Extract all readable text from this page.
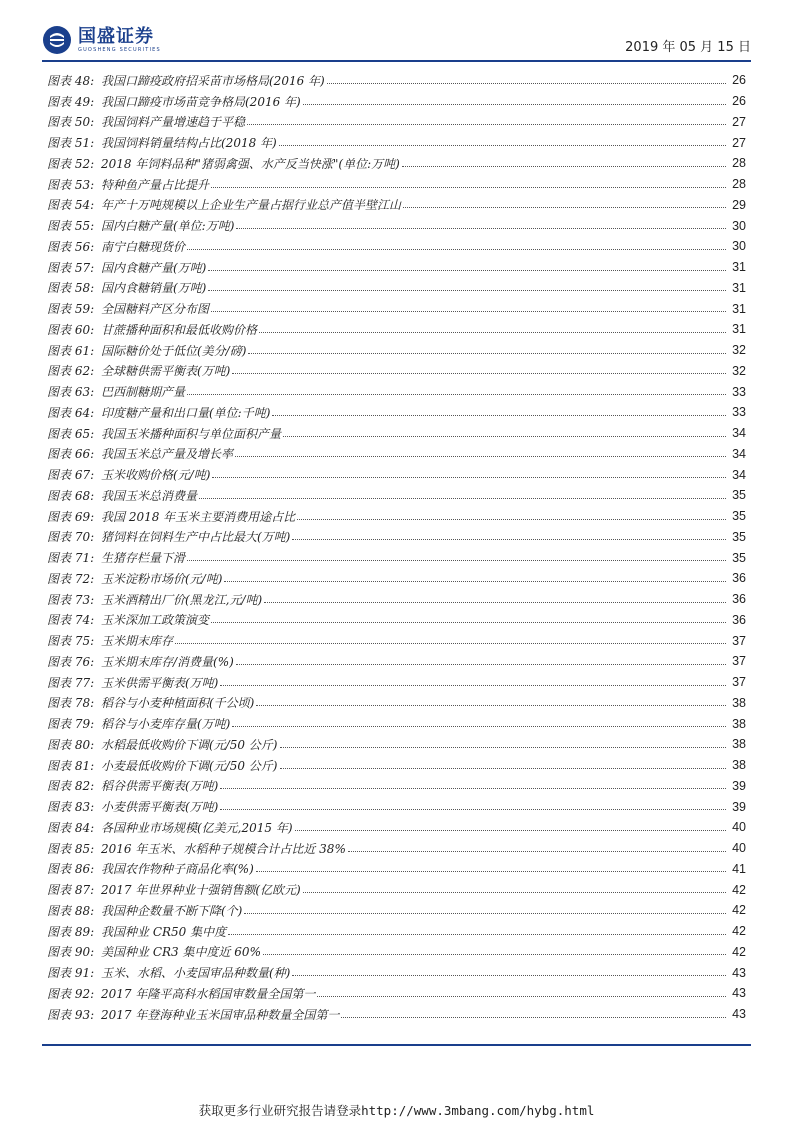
国盛证券
GUOSHENG SECURITIES	2019 年 05 月 15 日
图表 48: 我国口蹄疫政府招采苗市场格局(2016 年)	26
图表 49: 我国口蹄疫市场苗竞争格局(2016 年)	26
图表 50: 我国饲料产量增速趋于平稳	27
图表 51: 我国饲料销量结构占比(2018 年)	27
图表 52: 2018 年饲料品种"猪弱禽强、水产反当快涨"(单位:万吨)	28
图表 53: 特种鱼产量占比提升	28
图表 54: 年产十万吨规模以上企业生产量占据行业总产值半壁江山	29
图表 55: 国内白糖产量(单位:万吨)	30
图表 56: 南宁白糖现货价	30
图表 57: 国内食糖产量(万吨)	31
图表 58: 国内食糖销量(万吨)	31
图表 59: 全国糖料产区分布图	31
图表 60: 甘蔗播种面积和最低收购价格	31
图表 61: 国际糖价处于低位(美分/磅)	32
图表 62: 全球糖供需平衡表(万吨)	32
图表 63: 巴西制糖期产量	33
图表 64: 印度糖产量和出口量(单位:千吨)	33
图表 65: 我国玉米播种面积与单位面积产量	34
图表 66: 我国玉米总产量及增长率	34
图表 67: 玉米收购价格(元/吨)	34
图表 68: 我国玉米总消费量	35
图表 69: 我国 2018 年玉米主要消费用途占比	35
图表 70: 猪饲料在饲料生产中占比最大(万吨)	35
图表 71: 生猪存栏量下滑	35
图表 72: 玉米淀粉市场价(元/吨)	36
图表 73: 玉米酒精出厂价(黑龙江,元/吨)	36
图表 74: 玉米深加工政策演变	36
图表 75: 玉米期末库存	37
图表 76: 玉米期末库存/消费量(%)	37
图表 77: 玉米供需平衡表(万吨)	37
图表 78: 稻谷与小麦种植面积(千公顷)	38
图表 79: 稻谷与小麦库存量(万吨)	38
图表 80: 水稻最低收购价下调(元/50 公斤)	38
图表 81: 小麦最低收购价下调(元/50 公斤)	38
图表 82: 稻谷供需平衡表(万吨)	39
图表 83: 小麦供需平衡表(万吨)	39
图表 84: 各国种业市场规模(亿美元,2015 年)	40
图表 85: 2016 年玉米、水稻种子规模合计占比近 38%	40
图表 86: 我国农作物种子商品化率(%)	41
图表 87: 2017 年世界种业十强销售额(亿欧元)	42
图表 88: 我国种企数量不断下降(个)	42
图表 89: 我国种业 CR50 集中度	42
图表 90: 美国种业 CR3 集中度近 60%	42
图表 91: 玉米、水稻、小麦国审品种数量(种)	43
图表 92: 2017 年隆平高科水稻国审数量全国第一	43
图表 93: 2017 年登海种业玉米国审品种数量全国第一	43
获取更多行业研究报告请登录http://www.3mbang.com/hybg.html
